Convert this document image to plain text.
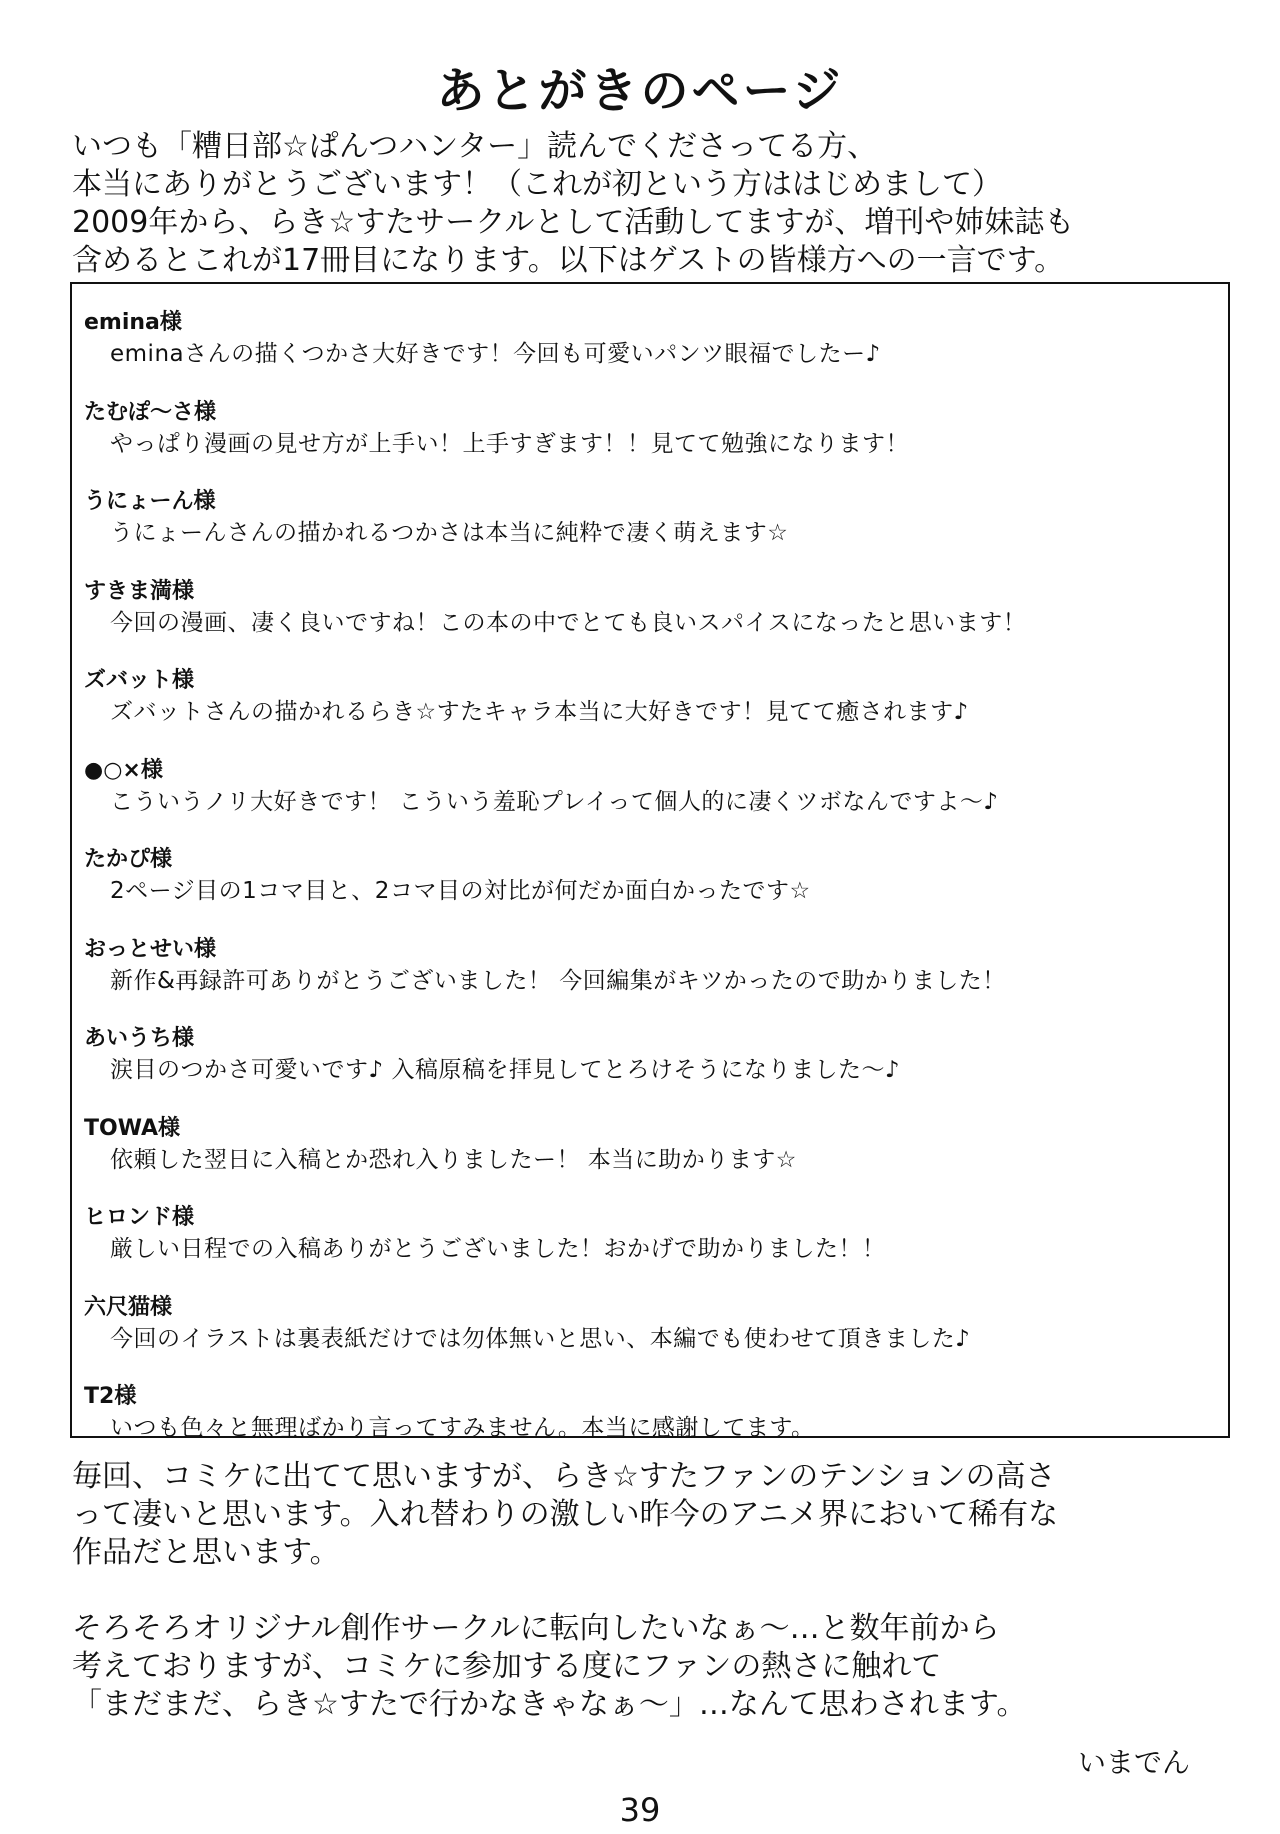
あとがきのページ
いつも「糟日部☆ぱんつハンター」読んでくださってる方、
本当にありがとうございます！（これが初という方ははじめまして）
2009年から、らき☆すたサークルとして活動してますが、増刊や姉妹誌も
含めるとこれが17冊目になります。以下はゲストの皆様方への一言です。
emina様
eminaさんの描くつかさ大好きです！今回も可愛いパンツ眼福でしたー♪
たむぽ〜さ様
やっぱり漫画の見せ方が上手い！上手すぎます！！見てて勉強になります！
うにょーん様
うにょーんさんの描かれるつかさは本当に純粋で凄く萌えます☆
すきま満様
今回の漫画、凄く良いですね！この本の中でとても良いスパイスになったと思います！
ズバット様
ズバットさんの描かれるらき☆すたキャラ本当に大好きです！見てて癒されます♪
●○×様
こういうノリ大好きです！ こういう羞恥プレイって個人的に凄くツボなんですよ〜♪
たかぴ様
2ページ目の1コマ目と、2コマ目の対比が何だか面白かったです☆
おっとせい様
新作&再録許可ありがとうございました！ 今回編集がキツかったので助かりました！
あいうち様
涙目のつかさ可愛いです♪ 入稿原稿を拝見してとろけそうになりました〜♪
TOWA様
依頼した翌日に入稿とか恐れ入りましたー！ 本当に助かります☆
ヒロンド様
厳しい日程での入稿ありがとうございました！おかげで助かりました！！
六尺猫様
今回のイラストは裏表紙だけでは勿体無いと思い、本編でも使わせて頂きました♪
T2様
いつも色々と無理ばかり言ってすみません。本当に感謝してます。
毎回、コミケに出てて思いますが、らき☆すたファンのテンションの高さ
って凄いと思います。入れ替わりの激しい昨今のアニメ界において稀有な
作品だと思います。
そろそろオリジナル創作サークルに転向したいなぁ〜…と数年前から
考えておりますが、コミケに参加する度にファンの熱さに触れて
「まだまだ、らき☆すたで行かなきゃなぁ〜」…なんて思わされます。
いまでん
39
